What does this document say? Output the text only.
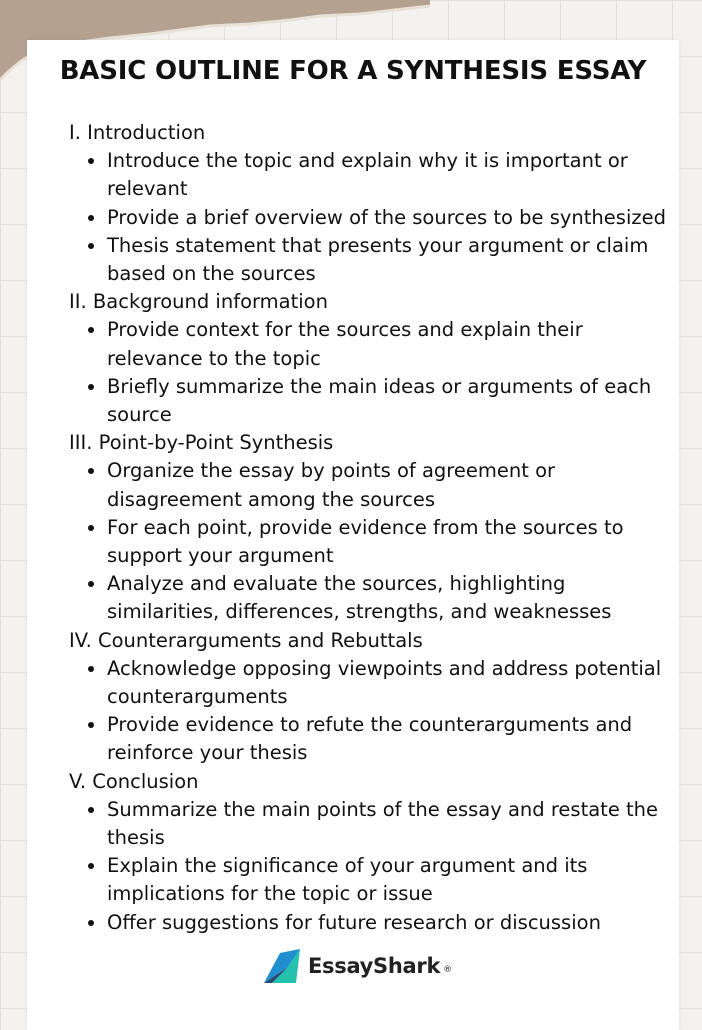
BASIC OUTLINE FOR A SYNTHESIS ESSAY

I. Introduction

Introduce the topic and explain why it is important or relevant
Provide a brief overview of the sources to be synthesized
Thesis statement that presents your argument or claim based on the sources

II. Background information

Provide context for the sources and explain their relevance to the topic
Briefly summarize the main ideas or arguments of each source

III. Point-by-Point Synthesis

Organize the essay by points of agreement or disagreement among the sources
For each point, provide evidence from the sources to support your argument
Analyze and evaluate the sources, highlighting similarities, differences, strengths, and weaknesses

IV. Counterarguments and Rebuttals

Acknowledge opposing viewpoints and address potential counterarguments
Provide evidence to refute the counterarguments and reinforce your thesis

V. Conclusion

Summarize the main points of the essay and restate the thesis
Explain the significance of your argument and its implications for the topic or issue
Offer suggestions for future research or discussion
EssayShark ®
